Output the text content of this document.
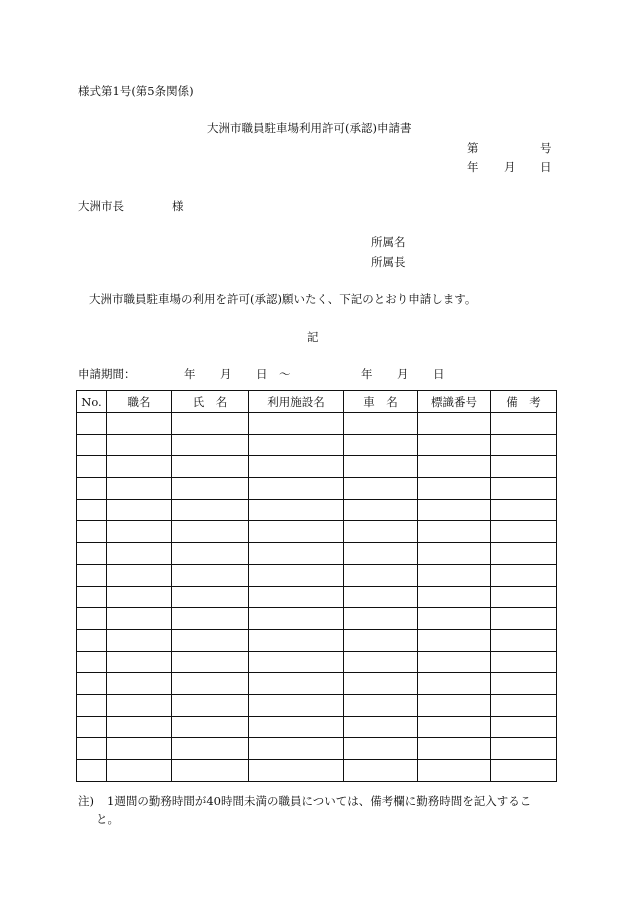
様式第1号(第5条関係)
大洲市職員駐車場利用許可(承認)申請書
第	号
年 月 日
大洲市長	様
所属名
所属長
大洲市職員駐車場の利用を許可(承認)願いたく、下記のとおり申請します。
記
申請期間：	年 月 日 ～	年 月 日
No.	職名	氏　名	利用施設名	車　名	標識番号	備　考

注) 1週間の勤務時間が40時間未満の職員については、備考欄に勤務時間を記入するこ
と。
